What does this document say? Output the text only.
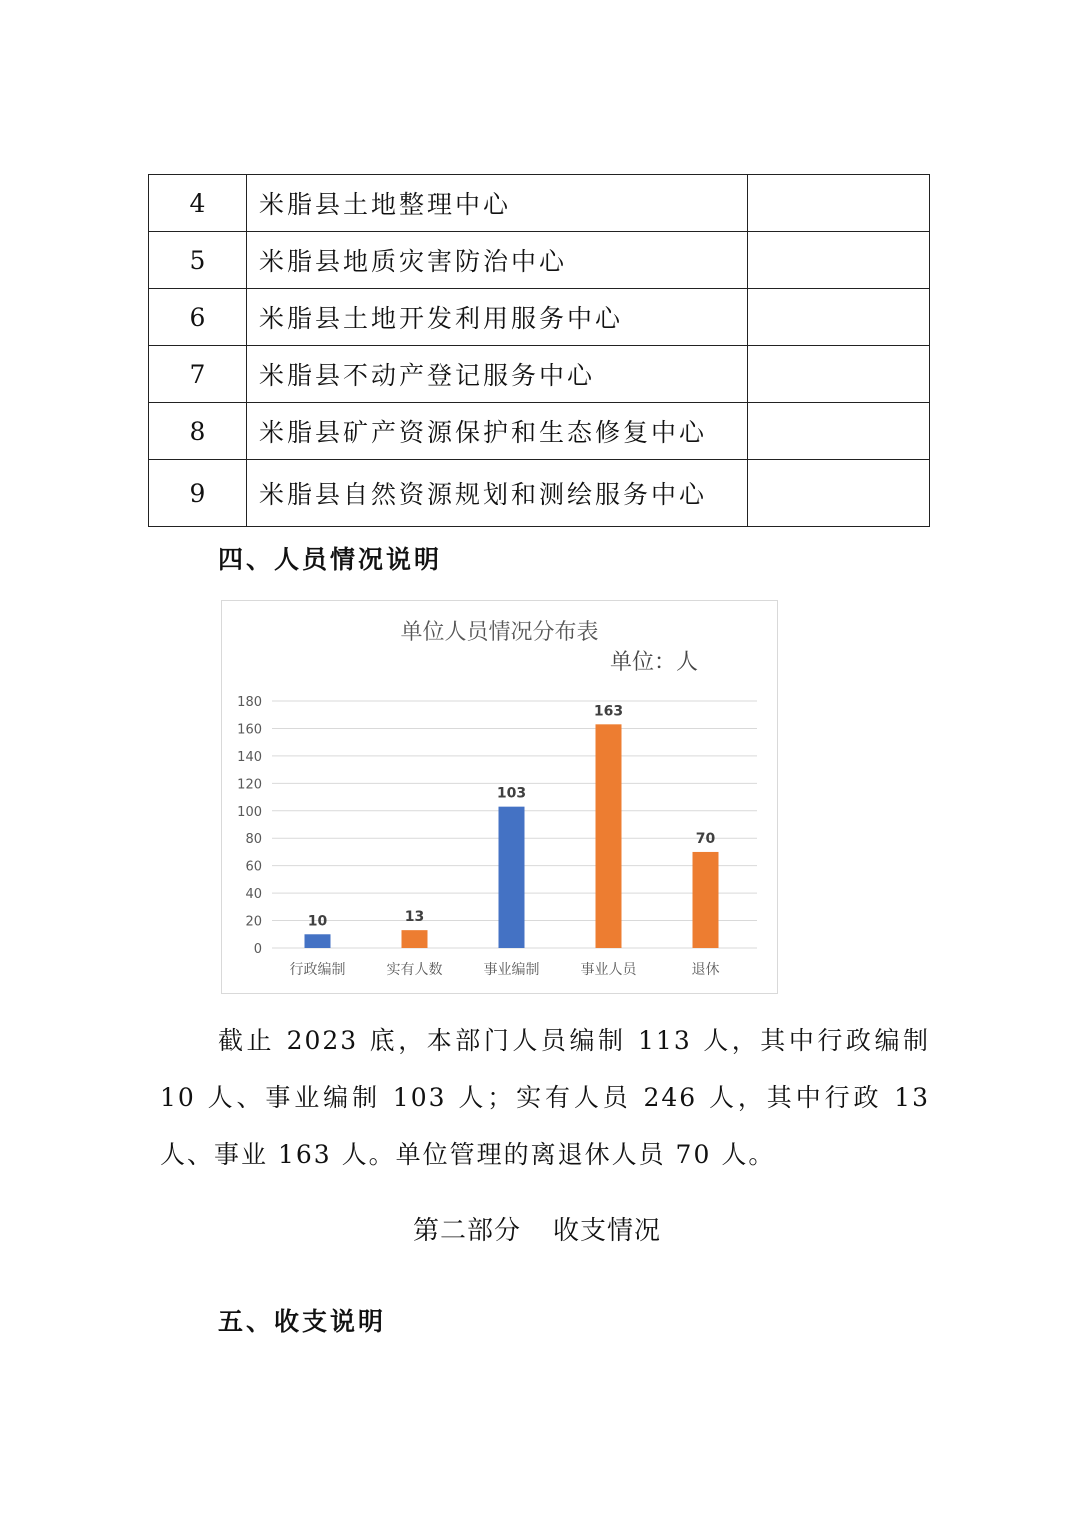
4	米脂县土地整理中心	
5	米脂县地质灾害防治中心	
6	米脂县土地开发利用服务中心	
7	米脂县不动产登记服务中心	
8	米脂县矿产资源保护和生态修复中心	
9	米脂县自然资源规划和测绘服务中心	
四、人员情况说明
单位人员情况分布表
单位：人
0
20
40
60
80
100
120
140
160
180
10
行政编制
13
实有人数
103
事业编制
163
事业人员
70
退休
截止 2023 底，本部门人员编制 113 人，其中行政编制 10 人、事业编制 103 人；实有人员 246 人，其中行政 13 人、事业 163 人。单位管理的离退休人员 70 人。
第二部分 收支情况
五、收支说明
